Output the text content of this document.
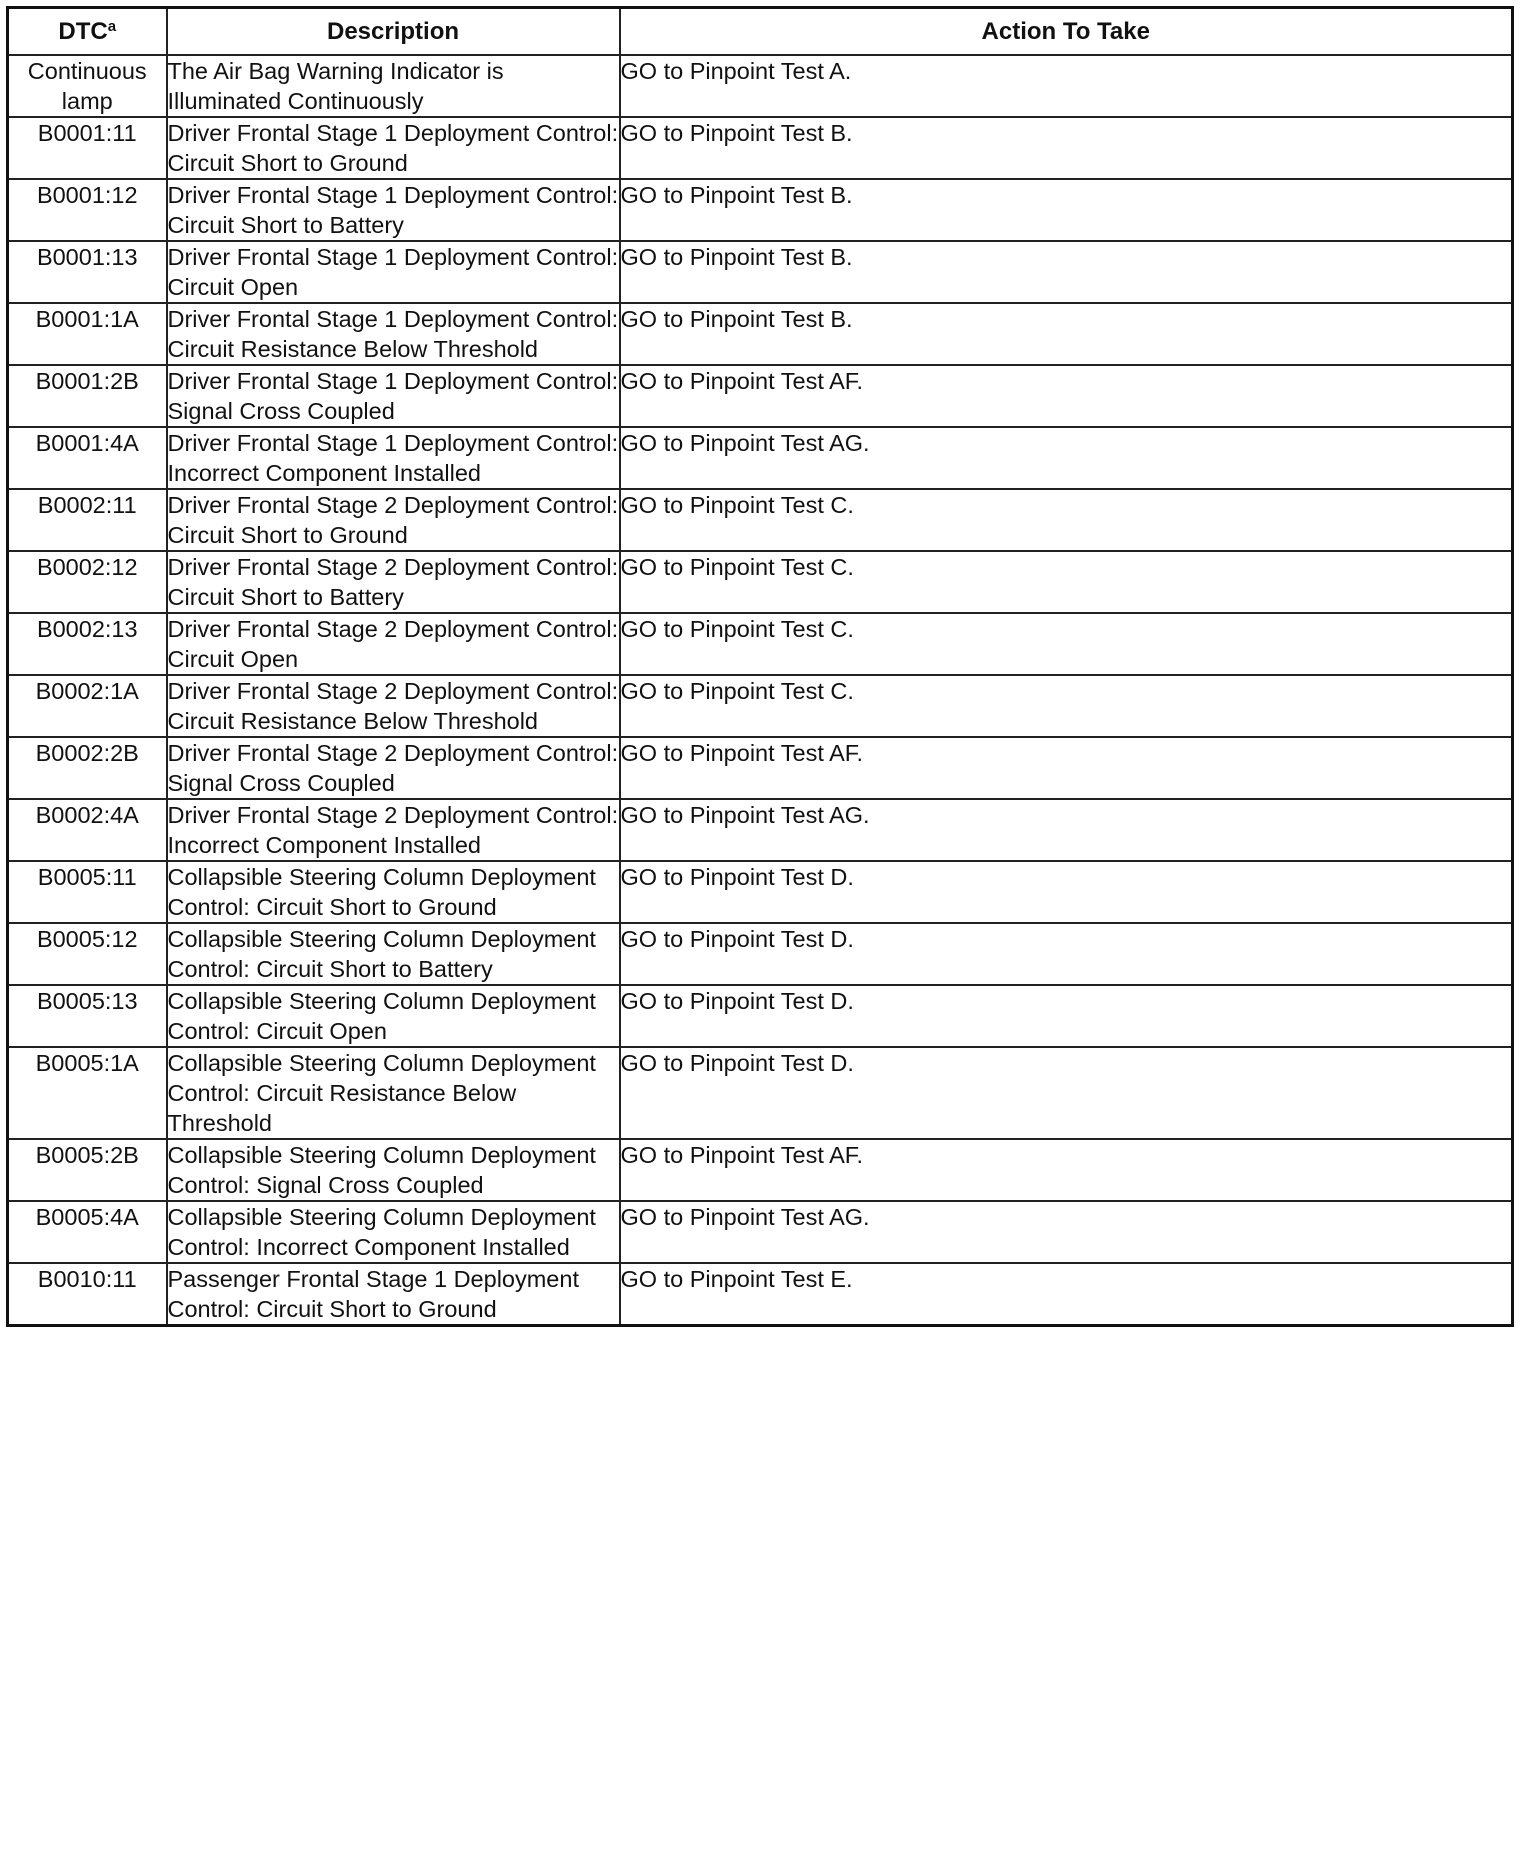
DTC$^a$	Description	Action To Take
Continuous lamp	The Air Bag Warning Indicator is Illuminated Continuously	GO to Pinpoint Test A.
B0001:11	Driver Frontal Stage 1 Deployment Control: Circuit Short to Ground	GO to Pinpoint Test B.
B0001:12	Driver Frontal Stage 1 Deployment Control: Circuit Short to Battery	GO to Pinpoint Test B.
B0001:13	Driver Frontal Stage 1 Deployment Control: Circuit Open	GO to Pinpoint Test B.
B0001:1A	Driver Frontal Stage 1 Deployment Control: Circuit Resistance Below Threshold	GO to Pinpoint Test B.
B0001:2B	Driver Frontal Stage 1 Deployment Control: Signal Cross Coupled	GO to Pinpoint Test AF.
B0001:4A	Driver Frontal Stage 1 Deployment Control: Incorrect Component Installed	GO to Pinpoint Test AG.
B0002:11	Driver Frontal Stage 2 Deployment Control: Circuit Short to Ground	GO to Pinpoint Test C.
B0002:12	Driver Frontal Stage 2 Deployment Control: Circuit Short to Battery	GO to Pinpoint Test C.
B0002:13	Driver Frontal Stage 2 Deployment Control: Circuit Open	GO to Pinpoint Test C.
B0002:1A	Driver Frontal Stage 2 Deployment Control: Circuit Resistance Below Threshold	GO to Pinpoint Test C.
B0002:2B	Driver Frontal Stage 2 Deployment Control: Signal Cross Coupled	GO to Pinpoint Test AF.
B0002:4A	Driver Frontal Stage 2 Deployment Control: Incorrect Component Installed	GO to Pinpoint Test AG.
B0005:11	Collapsible Steering Column Deployment Control: Circuit Short to Ground	GO to Pinpoint Test D.
B0005:12	Collapsible Steering Column Deployment Control: Circuit Short to Battery	GO to Pinpoint Test D.
B0005:13	Collapsible Steering Column Deployment Control: Circuit Open	GO to Pinpoint Test D.
B0005:1A	Collapsible Steering Column Deployment Control: Circuit Resistance Below Threshold	GO to Pinpoint Test D.
B0005:2B	Collapsible Steering Column Deployment Control: Signal Cross Coupled	GO to Pinpoint Test AF.
B0005:4A	Collapsible Steering Column Deployment Control: Incorrect Component Installed	GO to Pinpoint Test AG.
B0010:11	Passenger Frontal Stage 1 Deployment Control: Circuit Short to Ground	GO to Pinpoint Test E.
